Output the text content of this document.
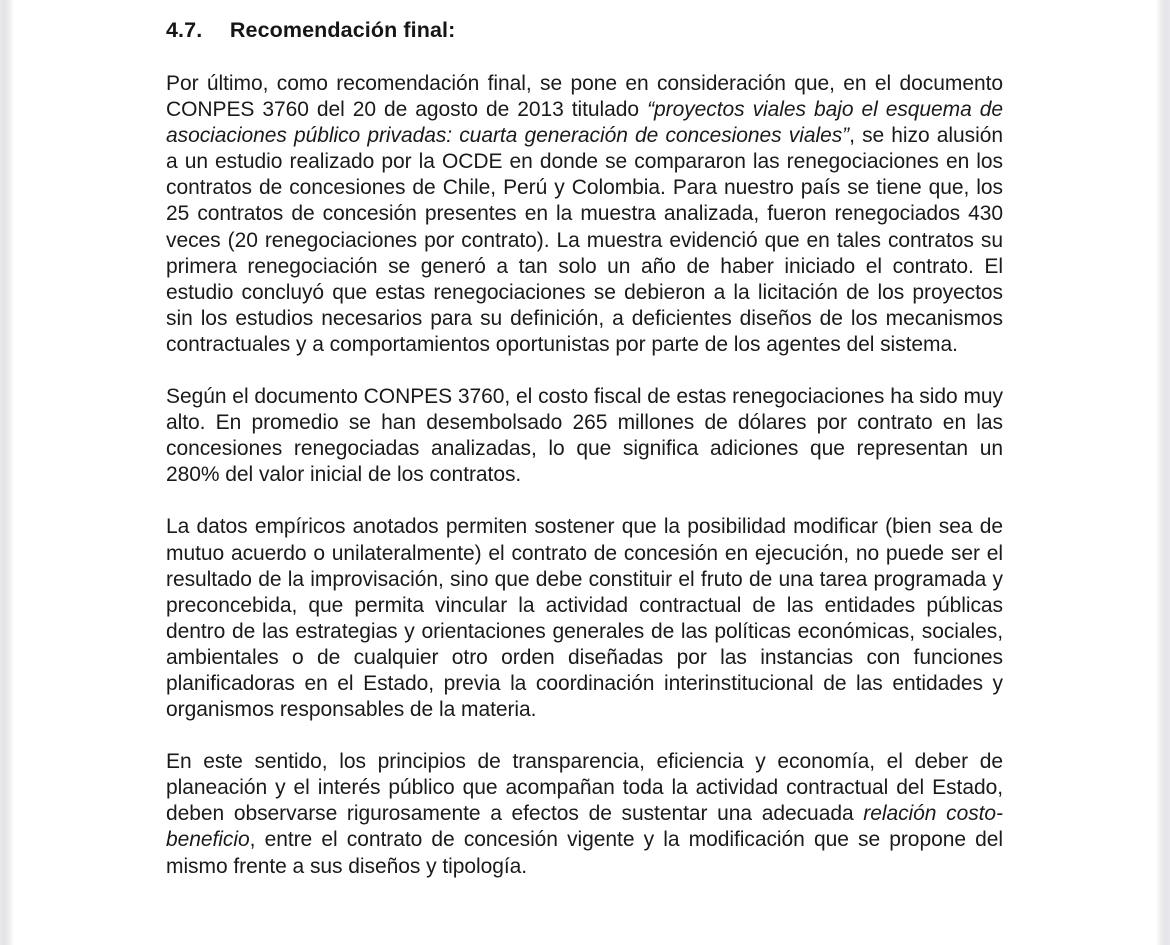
4.7.  Recomendación final:

Por último, como recomendación final, se pone en consideración que, en el documento CONPES 3760 del 20 de agosto de 2013 titulado “proyectos viales bajo el esquema de asociaciones público privadas: cuarta generación de concesiones viales”, se hizo alusión a un estudio realizado por la OCDE en donde se compararon las renegociaciones en los contratos de concesiones de Chile, Perú y Colombia. Para nuestro país se tiene que, los 25 contratos de concesión presentes en la muestra analizada, fueron renegociados 430 veces (20 renegociaciones por contrato). La muestra evidenció que en tales contratos su primera renegociación se generó a tan solo un año de haber iniciado el contrato. El estudio concluyó que estas renegociaciones se debieron a la licitación de los proyectos sin los estudios necesarios para su definición, a deficientes diseños de los mecanismos contractuales y a comportamientos oportunistas por parte de los agentes del sistema.

Según el documento CONPES 3760, el costo fiscal de estas renegociaciones ha sido muy alto. En promedio se han desembolsado 265 millones de dólares por contrato en las concesiones renegociadas analizadas, lo que significa adiciones que representan un 280% del valor inicial de los contratos.

La datos empíricos anotados permiten sostener que la posibilidad modificar (bien sea de mutuo acuerdo o unilateralmente) el contrato de concesión en ejecución, no puede ser el resultado de la improvisación, sino que debe constituir el fruto de una tarea programada y preconcebida, que permita vincular la actividad contractual de las entidades públicas dentro de las estrategias y orientaciones generales de las políticas económicas, sociales, ambientales o de cualquier otro orden diseñadas por las instancias con funciones planificadoras en el Estado, previa la coordinación interinstitucional de las entidades y organismos responsables de la materia.

En este sentido, los principios de transparencia, eficiencia y economía, el deber de planeación y el interés público que acompañan toda la actividad contractual del Estado, deben observarse rigurosamente a efectos de sustentar una adecuada relación costo-beneficio, entre el contrato de concesión vigente y la modificación que se propone del mismo frente a sus diseños y tipología.
